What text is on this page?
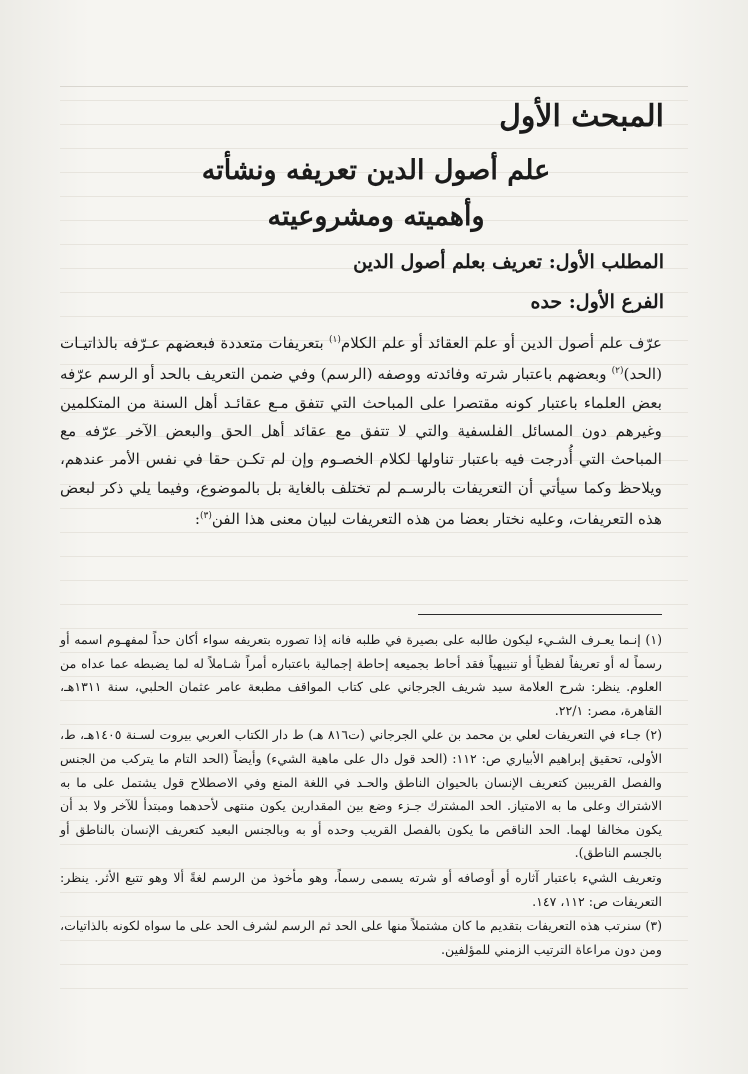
المبحث الأول
علم أصول الدين تعريفه ونشأته
وأهميته ومشروعيته
المطلب الأول: تعريف بعلم أصول الدين
الفرع الأول: حده
عرّف علم أصول الدين أو علم العقائد أو علم الكلام$^{(١)}$ بتعريفات متعددة فبعضهم عـرّفه بالذاتيـات (الحد)$^{(٢)}$ وبعضهم باعتبار شرته وفائدته ووصفه (الرسم) وفي ضمن التعريف بالحد أو الرسم عرّفه بعض العلماء باعتبار كونه مقتصرا على المباحث التي تتفق مـع عقائـد أهل السنة من المتكلمين وغيرهم دون المسائل الفلسفية والتي لا تتفق مع عقائد أهل الحق والبعض الآخر عرّفه مع المباحث التي أُدرجت فيه باعتبار تناولها لكلام الخصـوم وإن لم تكـن حقا في نفس الأمر عندهم، ويلاحظ وكما سيأتي أن التعريفات بالرسـم لم تختلف بالغاية بل بالموضوع، وفيما يلي ذكر لبعض هذه التعريفات، وعليه نختار بعضا من هذه التعريفات لبيان معنى هذا الفن$^{(٣)}$:

(١) إنـما يعـرف الشـيء ليكون طالبه على بصيرة في طلبه فانه إذا تصوره بتعريفه سواء أكان حداً لمفهـوم اسمه أو رسماً له أو تعريفاً لفظياً أو تنبيهياً فقد أحاط بجميعه إحاطة إجمالية باعتباره أمراً شـاملاً له لما يضبطه عما عداه من العلوم. ينظر: شرح العلامة سيد شريف الجرجاني على كتاب المواقف مطبعة عامر عثمان الحلبي، سنة ١٣١١هـ، القاهرة، مصر: ٢٢/١.

(٢) جـاء في التعريفات لعلي بن محمد بن علي الجرجاني (ت٨١٦ هـ) ط دار الكتاب العربي بيروت لسـنة ١٤٠٥هـ، ط، الأولى، تحقيق إبراهيم الأبياري ص: ١١٢: (الحد قول دال على ماهية الشيء) وأيضاً (الحد التام ما يتركب من الجنس والفصل القريبين كتعريف الإنسان بالحيوان الناطق والحـد في اللغة المنع وفي الاصطلاح قول يشتمل على ما به الاشتراك وعلى ما به الامتياز. الحد المشترك جـزء وضع بين المقدارين يكون منتهى لأحدهما ومبتدأ للآخر ولا بد أن يكون مخالفا لهما. الحد الناقص ما يكون بالفصل القريب وحده أو به وبالجنس البعيد كتعريف الإنسان بالناطق أو بالجسم الناطق).

وتعريف الشيء باعتبار آثاره أو أوصافه أو شرته يسمى رسماً، وهو مأخوذ من الرسم لغةً ألا وهو تتبع الأثر. ينظر: التعريفات ص: ١١٢، ١٤٧.

(٣) سنرتب هذه التعريفات بتقديم ما كان مشتملاً منها على الحد ثم الرسم لشرف الحد على ما سواه لكونه بالذاتيات، ومن دون مراعاة الترتيب الزمني للمؤلفين.
